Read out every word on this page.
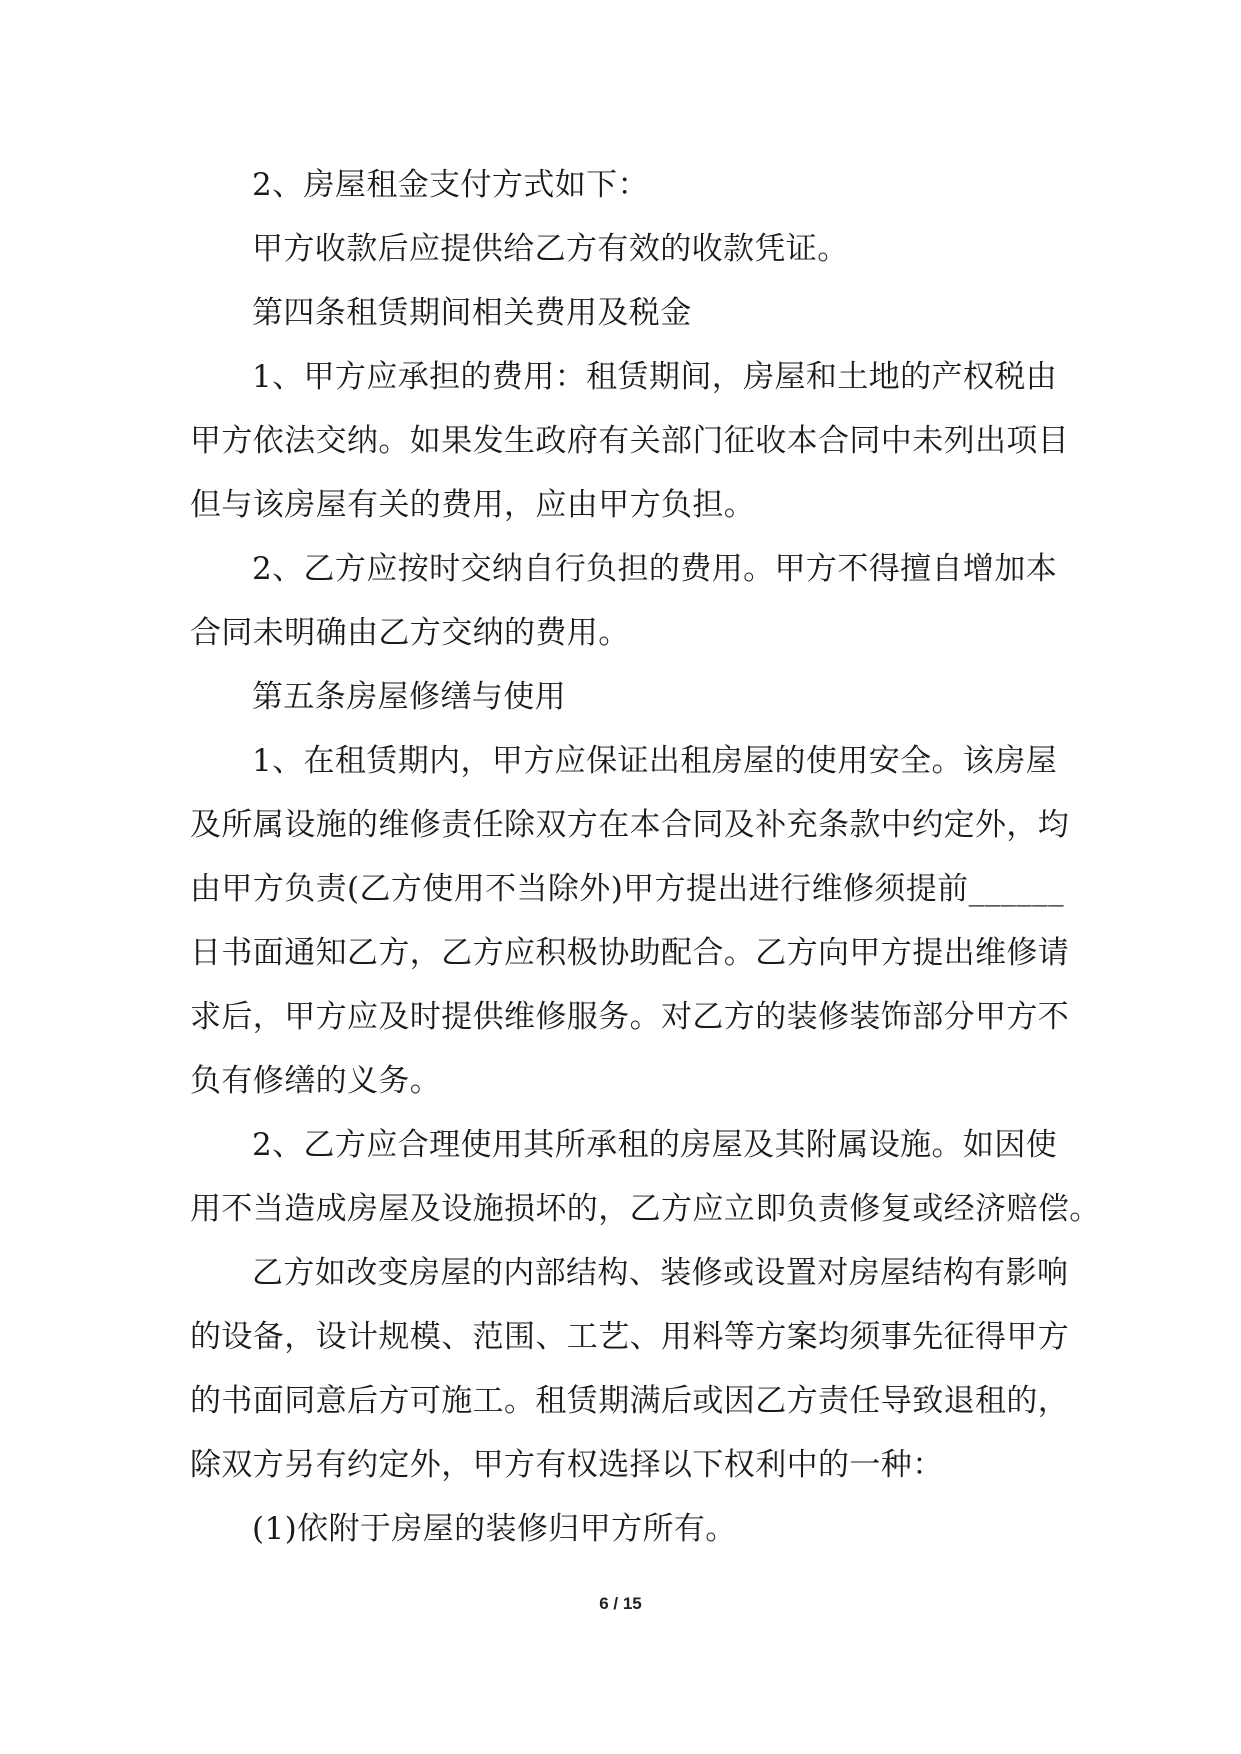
2、房屋租金支付方式如下：
甲方收款后应提供给乙方有效的收款凭证。
第四条租赁期间相关费用及税金
1、甲方应承担的费用：租赁期间，房屋和土地的产权税由
甲方依法交纳。如果发生政府有关部门征收本合同中未列出项目
但与该房屋有关的费用，应由甲方负担。
2、乙方应按时交纳自行负担的费用。甲方不得擅自增加本
合同未明确由乙方交纳的费用。
第五条房屋修缮与使用
1、在租赁期内，甲方应保证出租房屋的使用安全。该房屋
及所属设施的维修责任除双方在本合同及补充条款中约定外，均
由甲方负责(乙方使用不当除外)甲方提出进行维修须提前______
日书面通知乙方，乙方应积极协助配合。乙方向甲方提出维修请
求后，甲方应及时提供维修服务。对乙方的装修装饰部分甲方不
负有修缮的义务。
2、乙方应合理使用其所承租的房屋及其附属设施。如因使
用不当造成房屋及设施损坏的，乙方应立即负责修复或经济赔偿。
乙方如改变房屋的内部结构、装修或设置对房屋结构有影响
的设备，设计规模、范围、工艺、用料等方案均须事先征得甲方
的书面同意后方可施工。租赁期满后或因乙方责任导致退租的，
除双方另有约定外，甲方有权选择以下权利中的一种：
(1)依附于房屋的装修归甲方所有。
6 / 15
